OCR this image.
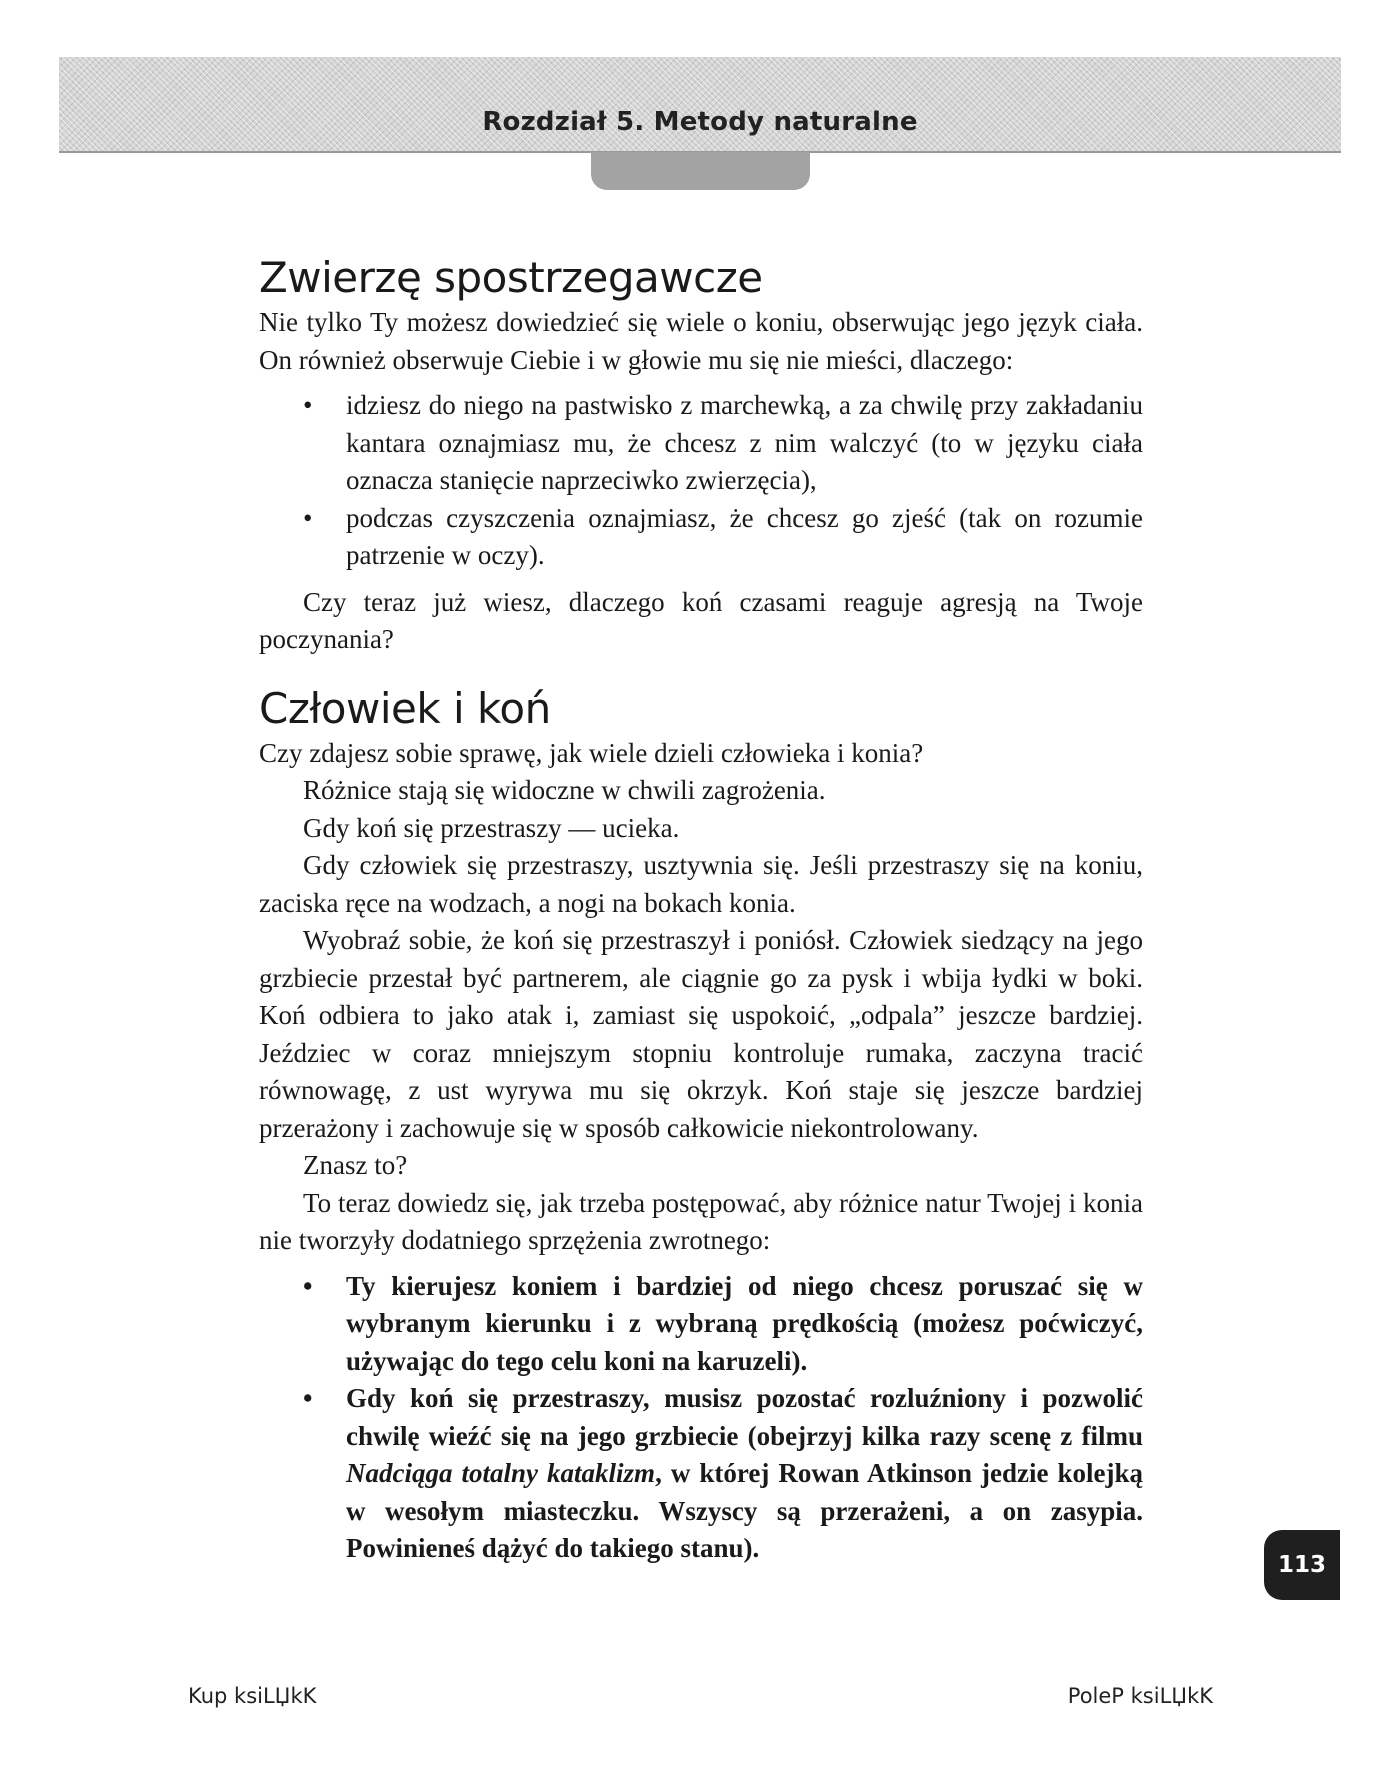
Rozdział 5. Metody naturalne
Zwierzę spostrzegawcze

Nie tylko Ty możesz dowiedzieć się wiele o koniu, obserwując jego język ciała. On również obserwuje Ciebie i w głowie mu się nie mieści, dlaczego:

• idziesz do niego na pastwisko z marchewką, a za chwilę przy zakładaniu kantara oznajmiasz mu, że chcesz z nim walczyć (to w języku ciała oznacza stanięcie naprzeciwko zwierzęcia),
• podczas czyszczenia oznajmiasz, że chcesz go zjeść (tak on rozumie patrzenie w oczy).

Czy teraz już wiesz, dlaczego koń czasami reaguje agresją na Twoje poczynania?

Człowiek i koń

Czy zdajesz sobie sprawę, jak wiele dzieli człowieka i konia?

Różnice stają się widoczne w chwili zagrożenia.

Gdy koń się przestraszy — ucieka.

Gdy człowiek się przestraszy, usztywnia się. Jeśli przestraszy się na koniu, zaciska ręce na wodzach, a nogi na bokach konia.

Wyobraź sobie, że koń się przestraszył i poniósł. Człowiek siedzący na jego grzbiecie przestał być partnerem, ale ciągnie go za pysk i wbija łydki w boki. Koń odbiera to jako atak i, zamiast się uspokoić, „odpala” jeszcze bardziej. Jeździec w coraz mniejszym stopniu kontroluje rumaka, zaczyna tracić równowagę, z ust wyrywa mu się okrzyk. Koń staje się jeszcze bardziej przerażony i zachowuje się w sposób całkowicie niekontrolowany.

Znasz to?

To teraz dowiedz się, jak trzeba postępować, aby różnice natur Twojej i konia nie tworzyły dodatniego sprzężenia zwrotnego:

• Ty kierujesz koniem i bardziej od niego chcesz poruszać się w wybranym kierunku i z wybraną prędkością (możesz poćwiczyć, używając do tego celu koni na karuzeli).
• Gdy koń się przestraszy, musisz pozostać rozluźniony i pozwolić chwilę wieźć się na jego grzbiecie (obejrzyj kilka razy scenę z filmu Nadciąga totalny kataklizm, w której Rowan Atkinson jedzie kolejką w wesołym miasteczku. Wszyscy są przerażeni, a on zasypia. Powinieneś dążyć do takiego stanu).
113
Kup ksiLЏkK	PoleP ksiLЏkK
